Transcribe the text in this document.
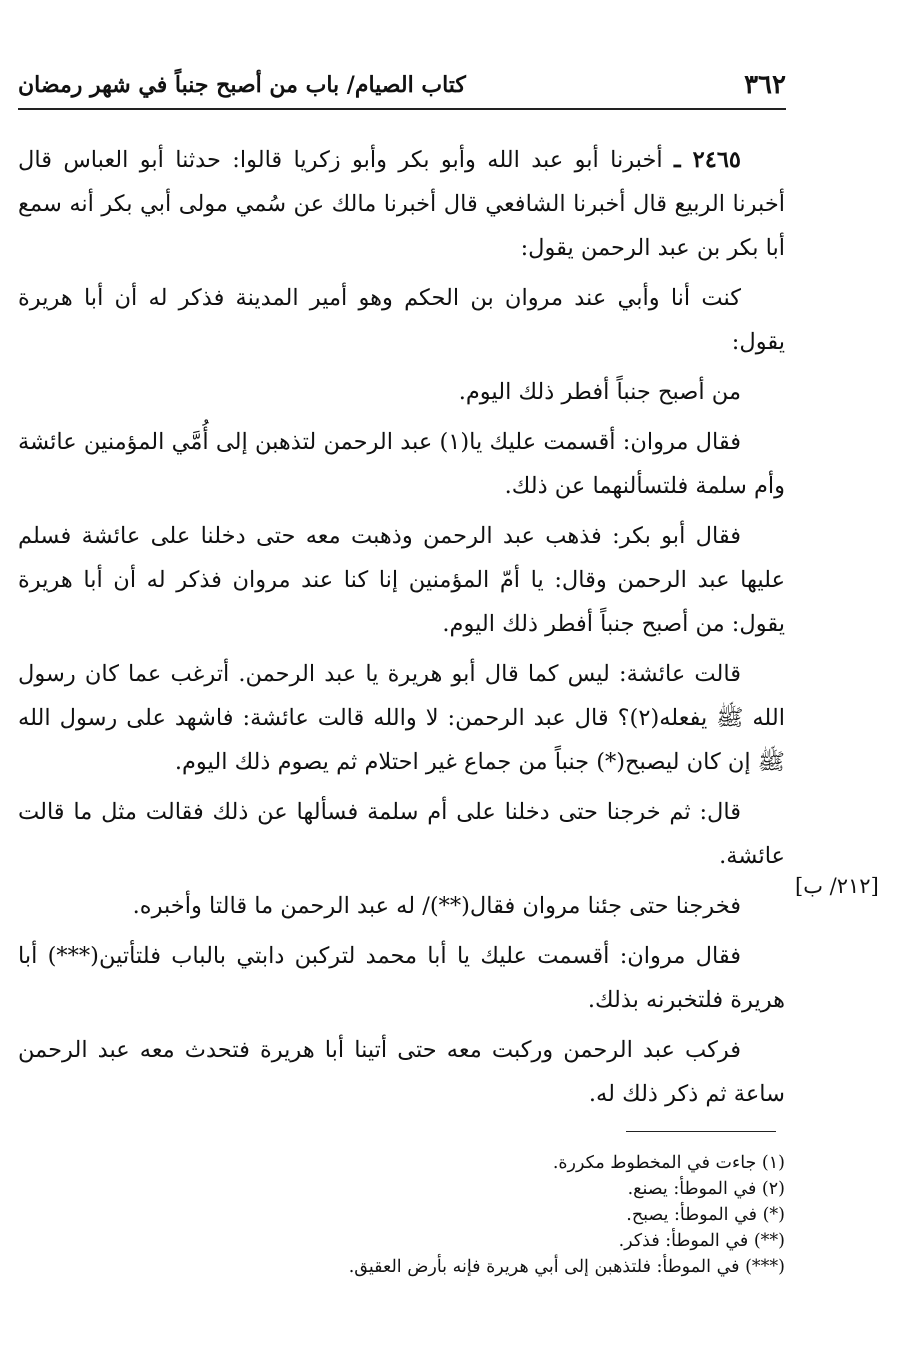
٣٦٢
كتاب الصيام/ باب من أصبح جنباً في شهر رمضان

٢٤٦٥ ـ أخبرنا أبو عبد الله وأبو بكر وأبو زكريا قالوا: حدثنا أبو العباس قال أخبرنا الربيع قال أخبرنا الشافعي قال أخبرنا مالك عن سُمي مولى أبي بكر أنه سمع أبا بكر بن عبد الرحمن يقول:

كنت أنا وأبي عند مروان بن الحكم وهو أمير المدينة فذكر له أن أبا هريرة يقول:

من أصبح جنباً أفطر ذلك اليوم.

فقال مروان: أقسمت عليك يا(١) عبد الرحمن لتذهبن إلى أُمَّي المؤمنين عائشة وأم سلمة فلتسألنهما عن ذلك.

فقال أبو بكر: فذهب عبد الرحمن وذهبت معه حتى دخلنا على عائشة فسلم عليها عبد الرحمن وقال: يا أمّ المؤمنين إنا كنا عند مروان فذكر له أن أبا هريرة يقول: من أصبح جنباً أفطر ذلك اليوم.

قالت عائشة: ليس كما قال أبو هريرة يا عبد الرحمن. أترغب عما كان رسول الله ﷺ يفعله(٢)؟ قال عبد الرحمن: لا والله قالت عائشة: فاشهد على رسول الله ﷺ إن كان ليصبح(*) جنباً من جماع غير احتلام ثم يصوم ذلك اليوم.

قال: ثم خرجنا حتى دخلنا على أم سلمة فسألها عن ذلك فقالت مثل ما قالت عائشة.

فخرجنا حتى جئنا مروان فقال(**)/ له عبد الرحمن ما قالتا وأخبره.

فقال مروان: أقسمت عليك يا أبا محمد لتركبن دابتي بالباب فلتأتين(***) أبا هريرة فلتخبرنه بذلك.

فركب عبد الرحمن وركبت معه حتى أتينا أبا هريرة فتحدث معه عبد الرحمن ساعة ثم ذكر ذلك له.

[٢١٢/ ب]

(١) جاءت في المخطوط مكررة.

(٢) في الموطأ: يصنع.

(*) في الموطأ: يصبح.

(**) في الموطأ: فذكر.

(***) في الموطأ: فلتذهبن إلى أبي هريرة فإنه بأرض العقيق.
